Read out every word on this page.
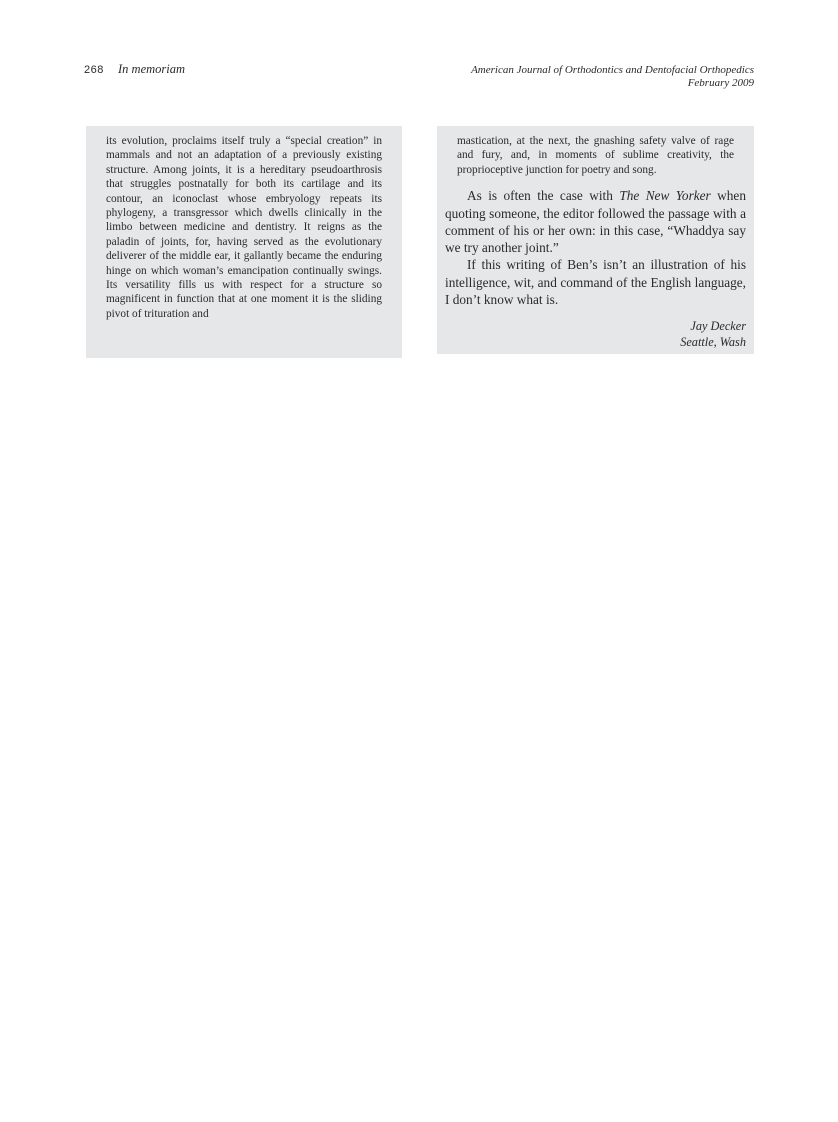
268 In memoriam	American Journal of Orthodontics and Dentofacial Orthopedics
February 2009

its evolution, proclaims itself truly a “special creation” in mammals and not an adaptation of a previously existing structure. Among joints, it is a hereditary pseudoarthrosis that struggles postnatally for both its cartilage and its contour, an iconoclast whose embryology repeats its phylogeny, a transgressor which dwells clinically in the limbo between medicine and dentistry. It reigns as the paladin of joints, for, having served as the evolutionary deliverer of the middle ear, it gallantly became the enduring hinge on which woman’s emancipation continually swings. Its versatility fills us with respect for a structure so magnificent in function that at one moment it is the sliding pivot of trituration and

mastication, at the next, the gnashing safety valve of rage and fury, and, in moments of sublime creativity, the proprioceptive junction for poetry and song.

As is often the case with The New Yorker when quoting someone, the editor followed the passage with a comment of his or her own: in this case, “Whaddya say we try another joint.”

If this writing of Ben’s isn’t an illustration of his intelligence, wit, and command of the English language, I don’t know what is.

Jay Decker

Seattle, Wash
